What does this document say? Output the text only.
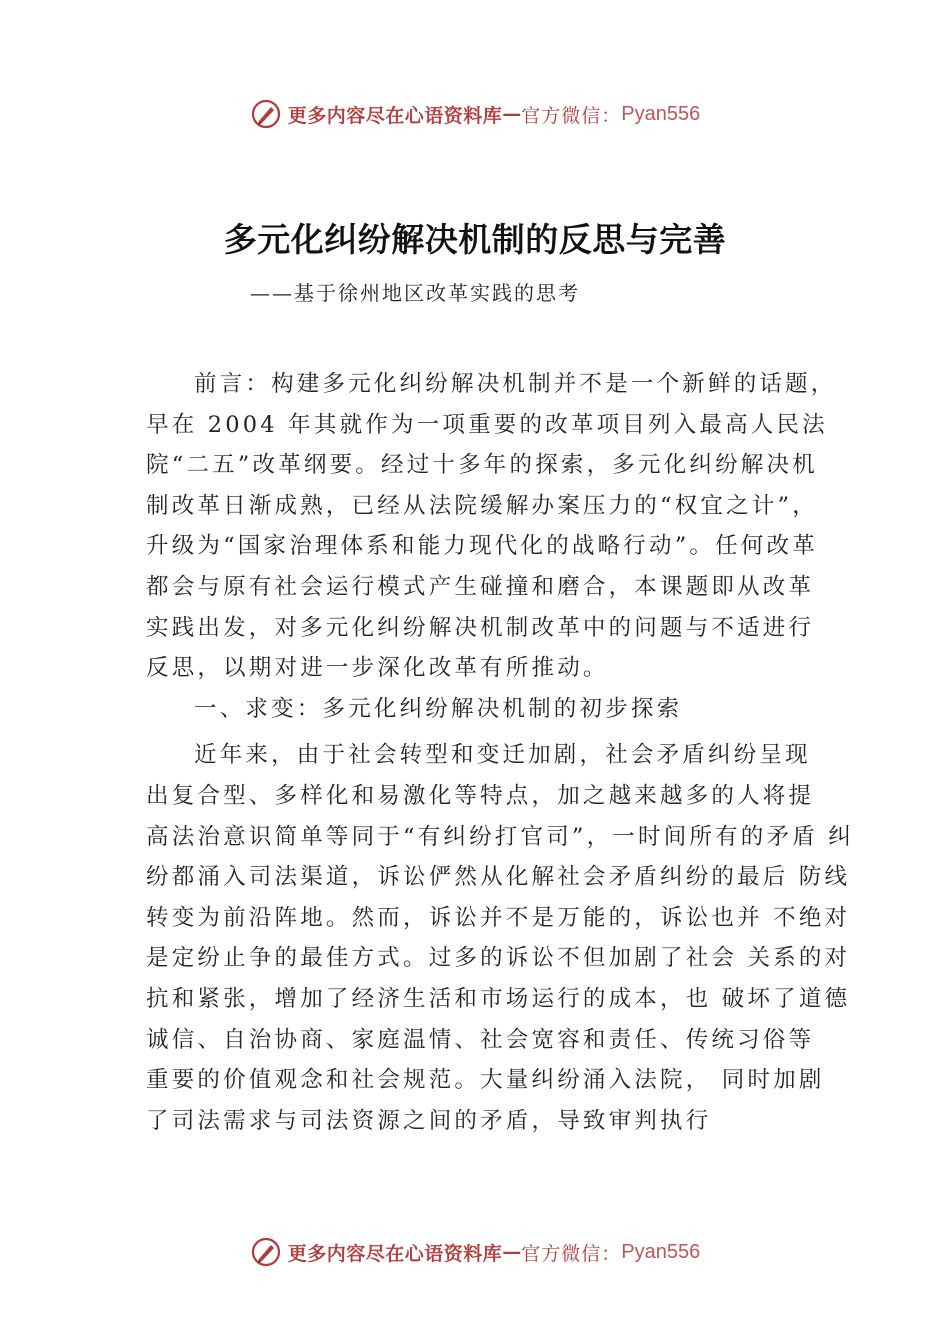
更多内容尽在心语资料库 — 官方微信： Pyan556
多元化纠纷解决机制的反思与完善
——基于徐州地区改革实践的思考
前言：构建多元化纠纷解决机制并不是一个新鲜的话题，
早在 2004 年其就作为一项重要的改革项目列入最高人民法
院“二五”改革纲要。经过十多年的探索，多元化纠纷解决机
制改革日渐成熟，已经从法院缓解办案压力的“权宜之计”，
升级为“国家治理体系和能力现代化的战略行动”。任何改革
都会与原有社会运行模式产生碰撞和磨合，本课题即从改革
实践出发，对多元化纠纷解决机制改革中的问题与不适进行
反思，以期对进一步深化改革有所推动。
一、求变：多元化纠纷解决机制的初步探索
近年来，由于社会转型和变迁加剧，社会矛盾纠纷呈现
出复合型、多样化和易激化等特点，加之越来越多的人将提
高法治意识简单等同于“有纠纷打官司”，一时间所有的矛盾 纠
纷都涌入司法渠道，诉讼俨然从化解社会矛盾纠纷的最后 防线
转变为前沿阵地。然而，诉讼并不是万能的，诉讼也并 不绝对
是定纷止争的最佳方式。过多的诉讼不但加剧了社会 关系的对
抗和紧张，增加了经济生活和市场运行的成本，也 破坏了道德
诚信、自治协商、家庭温情、社会宽容和责任、传统习俗等
重要的价值观念和社会规范。大量纠纷涌入法院， 同时加剧
了司法需求与司法资源之间的矛盾，导致审判执行
更多内容尽在心语资料库 — 官方微信： Pyan556
